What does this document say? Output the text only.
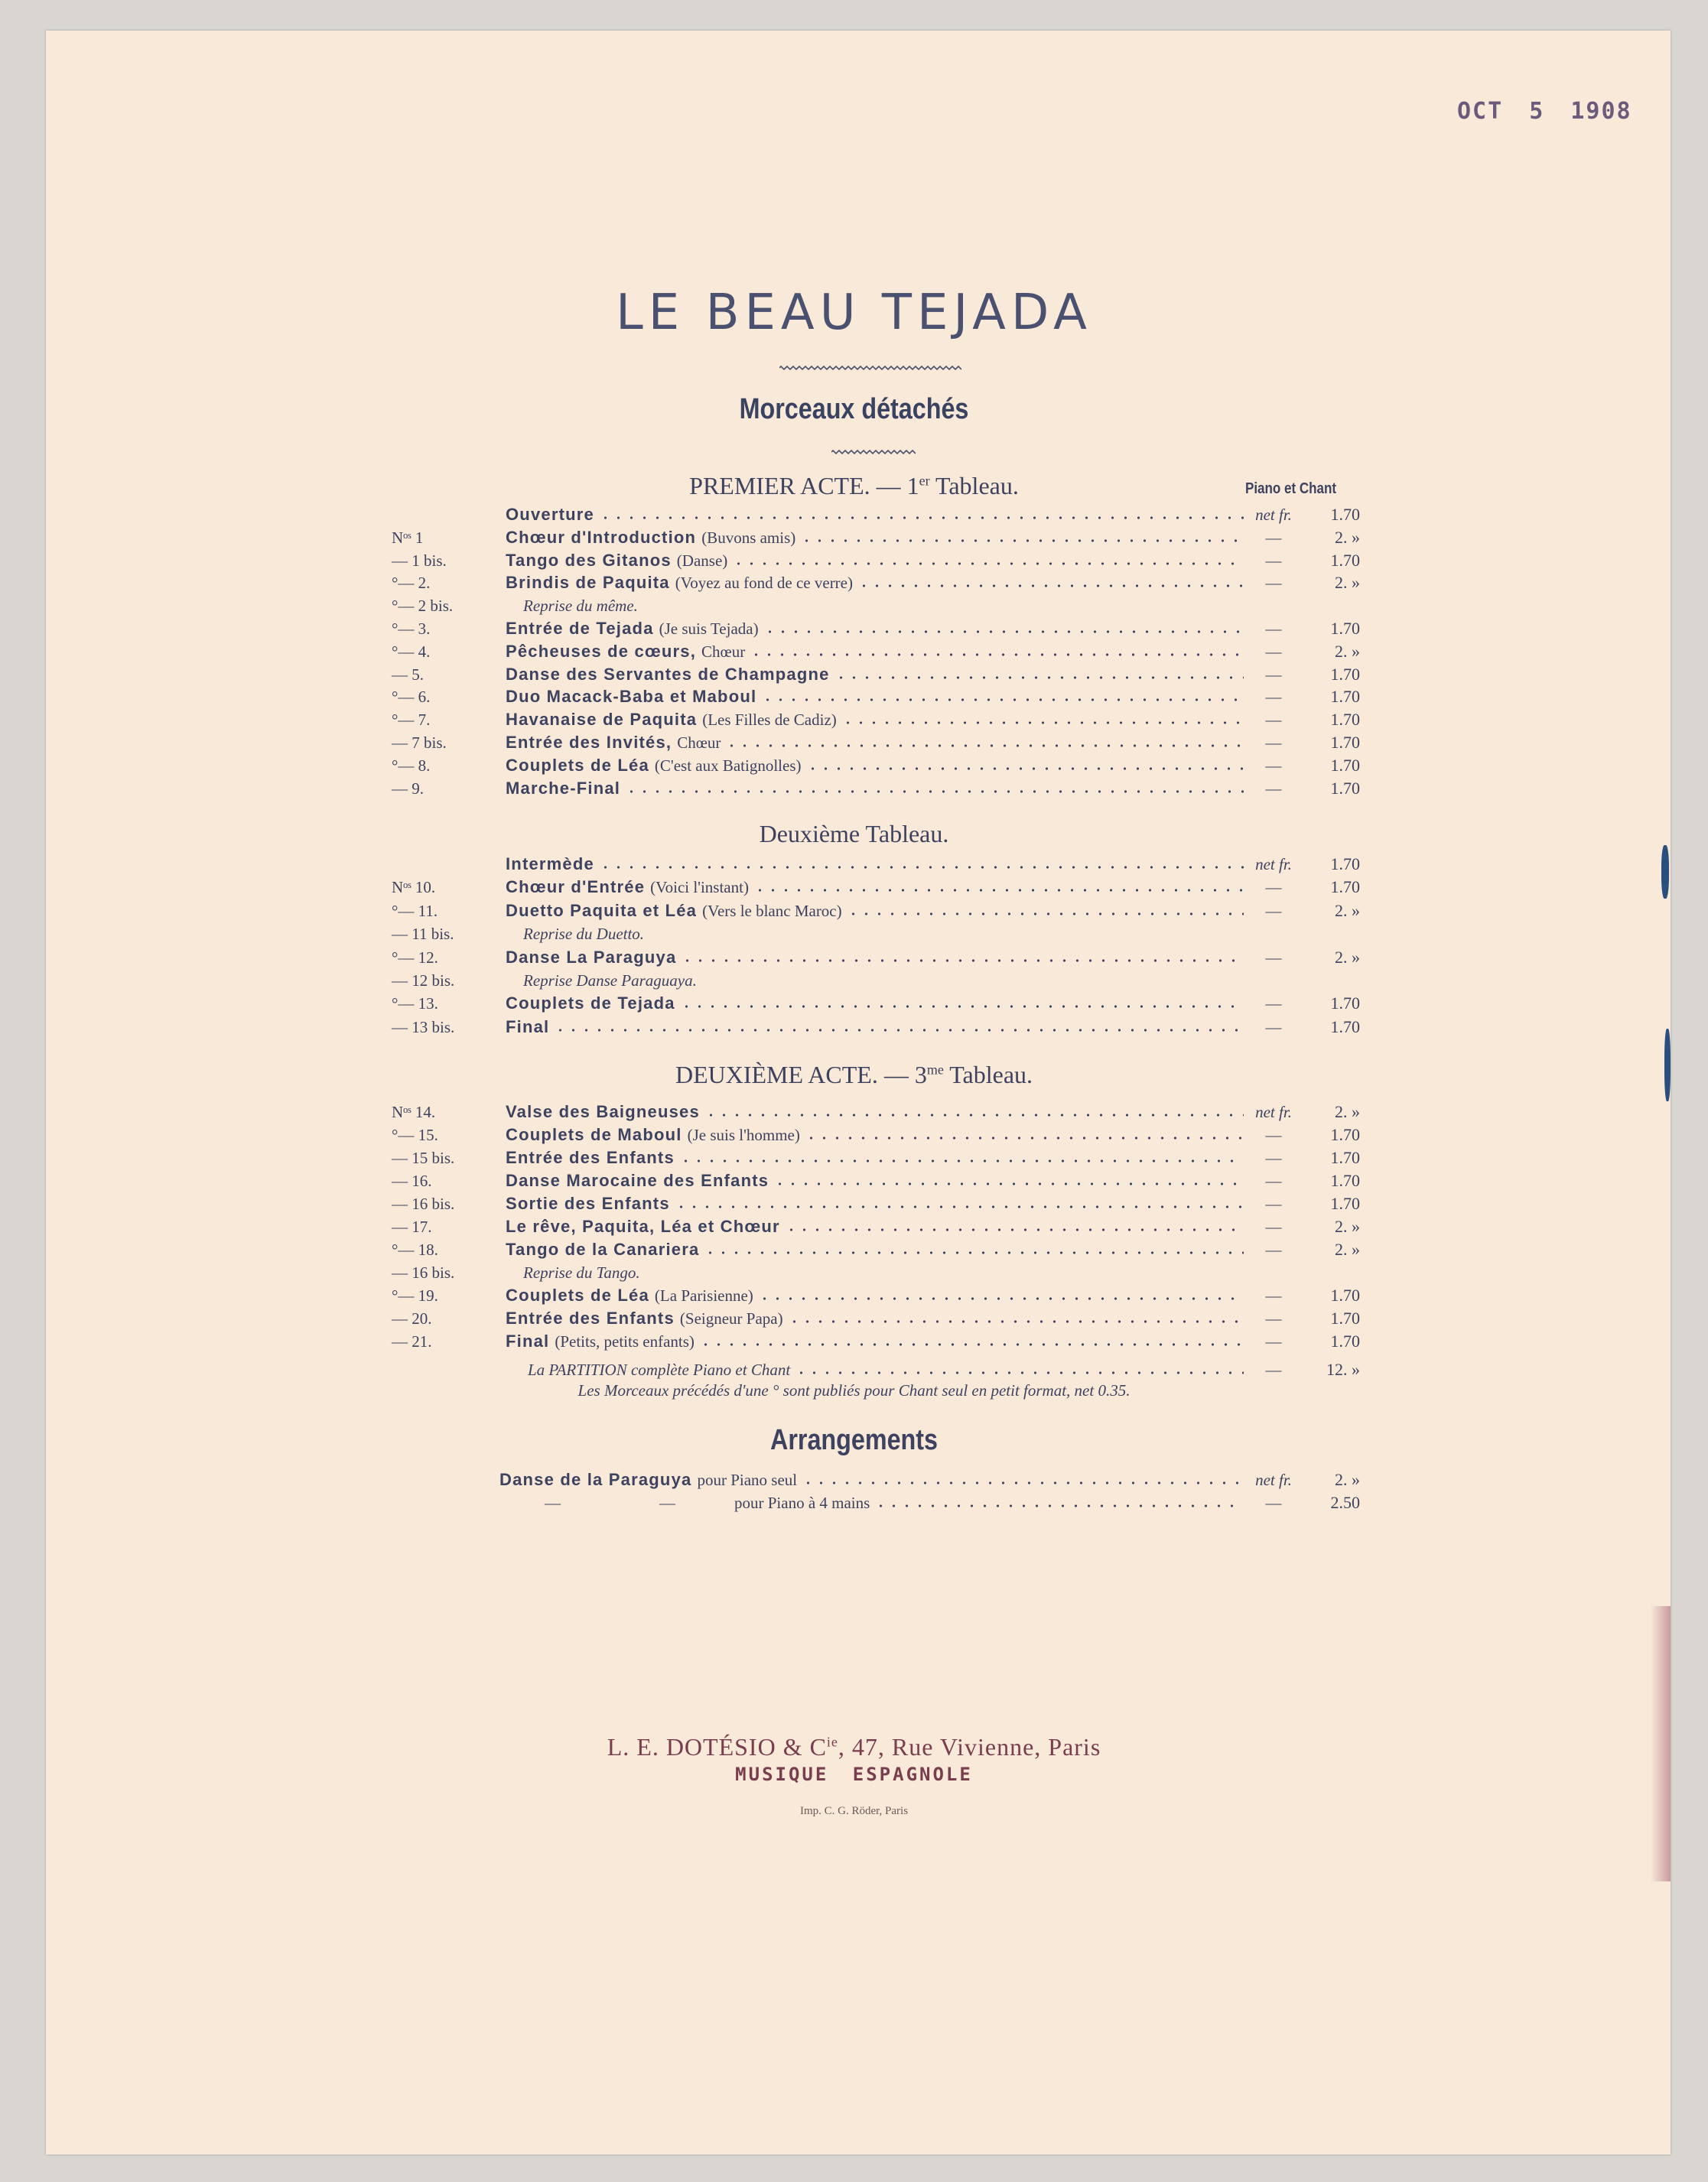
OCT 5 1908
LE BEAU TEJADA
Morceaux détachés
Piano et Chant
PREMIER ACTE. — 1er Tableau.
Ouverture	net fr.	1.70
Nᵒˢ 1	Chœur d'Introduction (Buvons amis)	—	2. »
— 1 bis.	Tango des Gitanos (Danse)	—	1.70
°— 2.	Brindis de Paquita (Voyez au fond de ce verre)	—	2. »
°— 2 bis.	Reprise du même.
°— 3.	Entrée de Tejada (Je suis Tejada)	—	1.70
°— 4.	Pêcheuses de cœurs, Chœur	—	2. »
— 5.	Danse des Servantes de Champagne	—	1.70
°— 6.	Duo Macack-Baba et Maboul	—	1.70
°— 7.	Havanaise de Paquita (Les Filles de Cadiz)	—	1.70
— 7 bis.	Entrée des Invités, Chœur	—	1.70
°— 8.	Couplets de Léa (C'est aux Batignolles)	—	1.70
— 9.	Marche-Final	—	1.70
Deuxième Tableau.
Intermède	net fr.	1.70
Nᵒˢ 10.	Chœur d'Entrée (Voici l'instant)	—	1.70
°— 11.	Duetto Paquita et Léa (Vers le blanc Maroc)	—	2. »
— 11 bis.	Reprise du Duetto.
°— 12.	Danse La Paraguya	—	2. »
— 12 bis.	Reprise Danse Paraguaya.
°— 13.	Couplets de Tejada	—	1.70
— 13 bis.	Final	—	1.70
DEUXIÈME ACTE. — $3^{me}$ Tableau.
Nᵒˢ 14.	Valse des Baigneuses	net fr.	2. »
°— 15.	Couplets de Maboul (Je suis l'homme)	—	1.70
— 15 bis.	Entrée des Enfants	—	1.70
— 16.	Danse Marocaine des Enfants	—	1.70
— 16 bis.	Sortie des Enfants	—	1.70
— 17.	Le rêve, Paquita, Léa et Chœur	—	2. »
°— 18.	Tango de la Canariera	—	2. »
— 16 bis.	Reprise du Tango.
°— 19.	Couplets de Léa (La Parisienne)	—	1.70
— 20.	Entrée des Enfants (Seigneur Papa)	—	1.70
— 21.	Final (Petits, petits enfants)	—	1.70
La PARTITION complète Piano et Chant	—	12. »
Les Morceaux précédés d'une ° sont publiés pour Chant seul en petit format, net 0.35.
Arrangements
Danse de la Paraguya pour Piano seul	net fr.	2. »
—	—	pour Piano à 4 mains	—	2.50
L. E. DOTÉSIO & $C^{ie}$, 47, Rue Vivienne, Paris
MUSIQUE ESPAGNOLE
Imp. C. G. Röder, Paris
